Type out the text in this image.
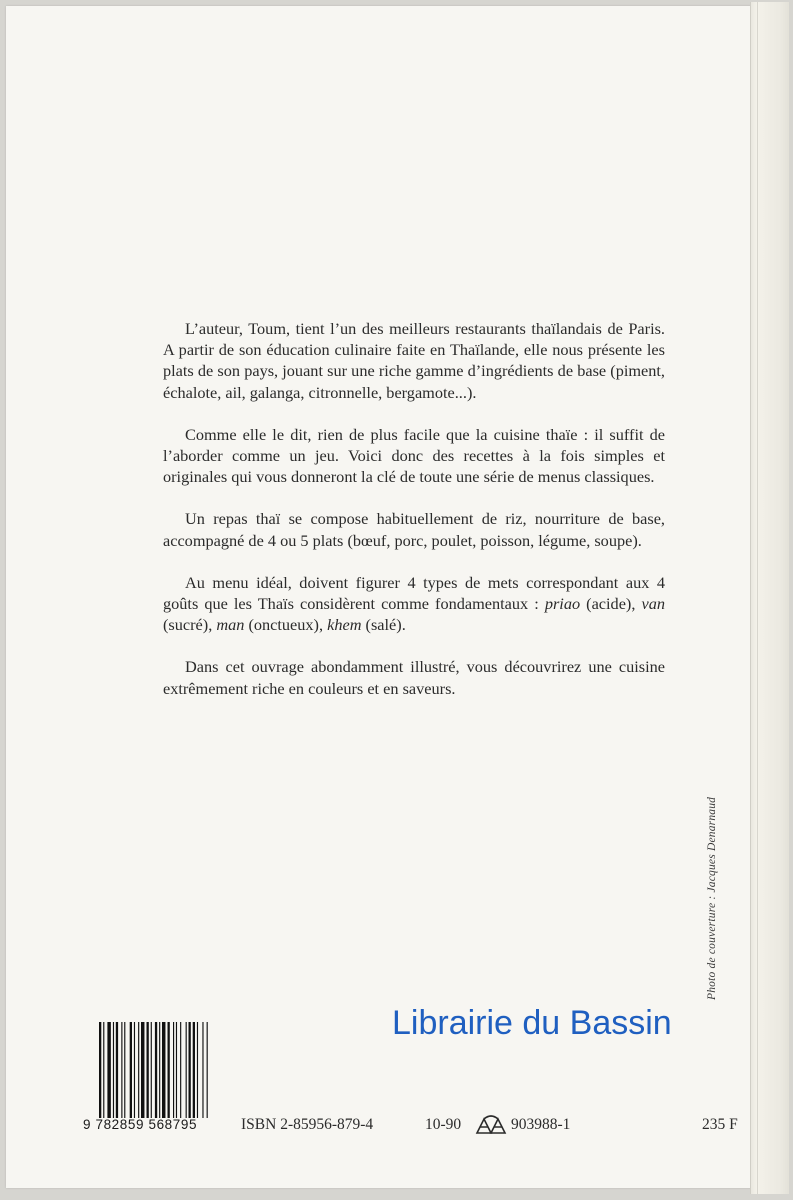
L’auteur, Toum, tient l’un des meilleurs restaurants thaïlandais de Paris. A partir de son éducation culinaire faite en Thaïlande, elle nous présente les plats de son pays, jouant sur une riche gamme d’ingrédients de base (piment, échalote, ail, galanga, citronnelle, bergamote...).

Comme elle le dit, rien de plus facile que la cuisine thaïe : il suffit de l’aborder comme un jeu. Voici donc des recettes à la fois simples et originales qui vous donneront la clé de toute une série de menus classiques.

Un repas thaï se compose habituellement de riz, nourriture de base, accompagné de 4 ou 5 plats (bœuf, porc, poulet, poisson, légume, soupe).

Au menu idéal, doivent figurer 4 types de mets correspondant aux 4 goûts que les Thaïs considèrent comme fondamentaux : priao (acide), van (sucré), man (onctueux), khem (salé).

Dans cet ouvrage abondamment illustré, vous découvrirez une cuisine extrêmement riche en couleurs et en saveurs.

Photo de couverture : Jacques Denarnaud
Librairie du Bassin
9 782859 568795	ISBN 2-85956-879-4	10-90	903988-1	235 F
